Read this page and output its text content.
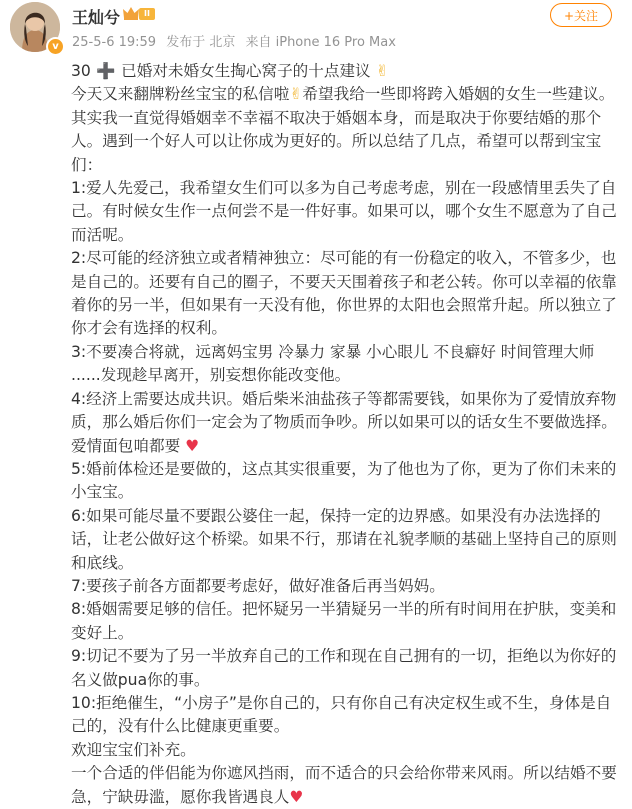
v
王灿兮	II
25-5-6 19:59 发布于 北京 来自 iPhone 16 Pro Max
+关注

30 ➕ 已婚对未婚女生掏心窝子的十点建议 ✌

今天又来翻牌粉丝宝宝的私信啦✌希望我给一些即将跨入婚姻的女生一些建议。

其实我一直觉得婚姻幸不幸福不取决于婚姻本身，而是取决于你要结婚的那个人。遇到一个好人可以让你成为更好的。所以总结了几点，希望可以帮到宝宝们：

1:爱人先爱己，我希望女生们可以多为自己考虑考虑，别在一段感情里丢失了自己。有时候女生作一点何尝不是一件好事。如果可以，哪个女生不愿意为了自己而活呢。

2:尽可能的经济独立或者精神独立：尽可能的有一份稳定的收入，不管多少，也是自己的。还要有自己的圈子，不要天天围着孩子和老公转。你可以幸福的依靠着你的另一半，但如果有一天没有他，你世界的太阳也会照常升起。所以独立了你才会有选择的权利。

3:不要凑合将就，远离妈宝男 冷暴力 家暴 小心眼儿 不良癖好 时间管理大师 ......发现趁早离开，别妄想你能改变他。

4:经济上需要达成共识。婚后柴米油盐孩子等都需要钱，如果你为了爱情放弃物质，那么婚后你们一定会为了物质而争吵。所以如果可以的话女生不要做选择。爱情面包咱都要 ♥

5:婚前体检还是要做的，这点其实很重要，为了他也为了你，更为了你们未来的小宝宝。

6:如果可能尽量不要跟公婆住一起，保持一定的边界感。如果没有办法选择的话，让老公做好这个桥梁。如果不行，那请在礼貌孝顺的基础上坚持自己的原则和底线。

7:要孩子前各方面都要考虑好，做好准备后再当妈妈。

8:婚姻需要足够的信任。把怀疑另一半猜疑另一半的所有时间用在护肤，变美和变好上。

9:切记不要为了另一半放弃自己的工作和现在自己拥有的一切，拒绝以为你好的名义做pua你的事。

10:拒绝催生，“小房子”是你自己的，只有你自己有决定权生或不生，身体是自己的，没有什么比健康更重要。

欢迎宝宝们补充。

一个合适的伴侣能为你遮风挡雨，而不适合的只会给你带来风雨。所以结婚不要急，宁缺毋滥，愿你我皆遇良人♥
